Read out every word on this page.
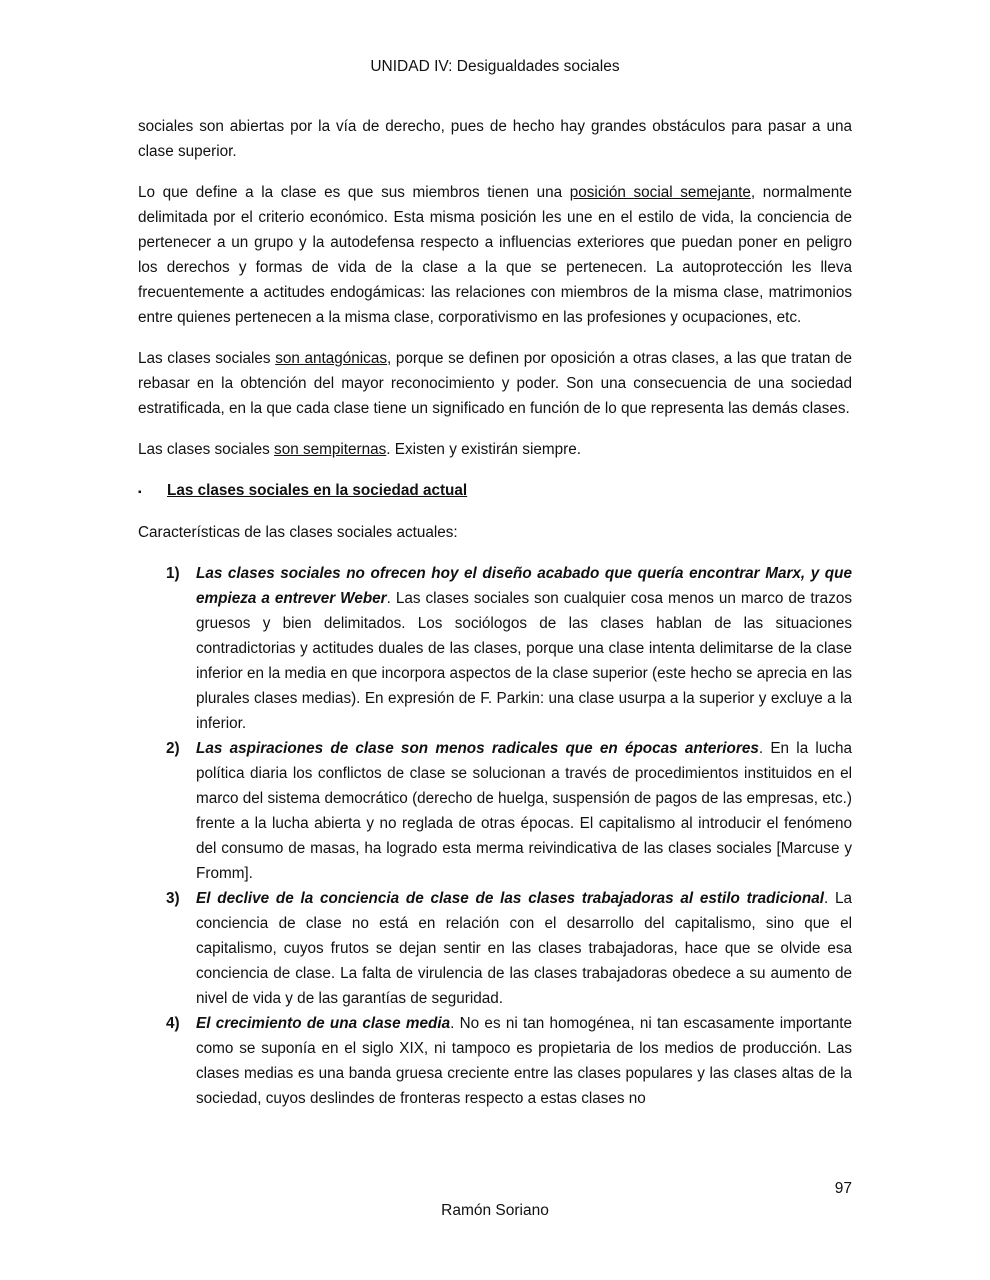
UNIDAD IV: Desigualdades sociales

sociales son abiertas por la vía de derecho, pues de hecho hay grandes obstáculos para pasar a una clase superior.

Lo que define a la clase es que sus miembros tienen una posición social semejante, normalmente delimitada por el criterio económico. Esta misma posición les une en el estilo de vida, la conciencia de pertenecer a un grupo y la autodefensa respecto a influencias exteriores que puedan poner en peligro los derechos y formas de vida de la clase a la que se pertenecen. La autoprotección les lleva frecuentemente a actitudes endogámicas: las relaciones con miembros de la misma clase, matrimonios entre quienes pertenecen a la misma clase, corporativismo en las profesiones y ocupaciones, etc.

Las clases sociales son antagónicas, porque se definen por oposición a otras clases, a las que tratan de rebasar en la obtención del mayor reconocimiento y poder. Son una consecuencia de una sociedad estratificada, en la que cada clase tiene un significado en función de lo que representa las demás clases.

Las clases sociales son sempiternas. Existen y existirán siempre.

▪	Las clases sociales en la sociedad actual

Características de las clases sociales actuales:

1) Las clases sociales no ofrecen hoy el diseño acabado que quería encontrar Marx, y que empieza a entrever Weber. Las clases sociales son cualquier cosa menos un marco de trazos gruesos y bien delimitados. Los sociólogos de las clases hablan de las situaciones contradictorias y actitudes duales de las clases, porque una clase intenta delimitarse de la clase inferior en la media en que incorpora aspectos de la clase superior (este hecho se aprecia en las plurales clases medias). En expresión de F. Parkin: una clase usurpa a la superior y excluye a la inferior.
2) Las aspiraciones de clase son menos radicales que en épocas anteriores. En la lucha política diaria los conflictos de clase se solucionan a través de procedimientos instituidos en el marco del sistema democrático (derecho de huelga, suspensión de pagos de las empresas, etc.) frente a la lucha abierta y no reglada de otras épocas. El capitalismo al introducir el fenómeno del consumo de masas, ha logrado esta merma reivindicativa de las clases sociales [Marcuse y Fromm].
3) El declive de la conciencia de clase de las clases trabajadoras al estilo tradicional. La conciencia de clase no está en relación con el desarrollo del capitalismo, sino que el capitalismo, cuyos frutos se dejan sentir en las clases trabajadoras, hace que se olvide esa conciencia de clase. La falta de virulencia de las clases trabajadoras obedece a su aumento de nivel de vida y de las garantías de seguridad.
4) El crecimiento de una clase media. No es ni tan homogénea, ni tan escasamente importante como se suponía en el siglo XIX, ni tampoco es propietaria de los medios de producción. Las clases medias es una banda gruesa creciente entre las clases populares y las clases altas de la sociedad, cuyos deslindes de fronteras respecto a estas clases no
97
Ramón Soriano
